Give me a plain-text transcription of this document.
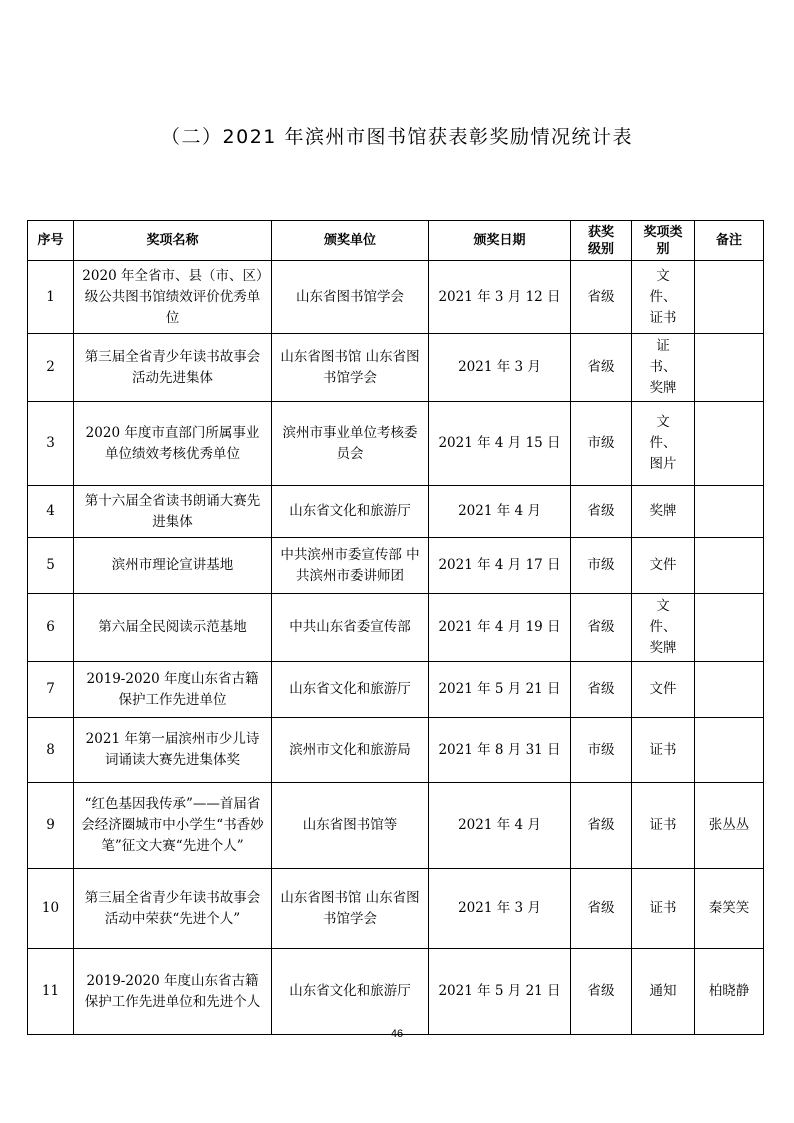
（二）2021 年滨州市图书馆获表彰奖励情况统计表
序号	奖项名称	颁奖单位	颁奖日期	获奖级别	奖项类别	备注
1	2020 年全省市、县（市、区）级公共图书馆绩效评价优秀单位	山东省图书馆学会	2021 年 3 月 12 日	省级	文件、证书	
2	第三届全省青少年读书故事会活动先进集体	山东省图书馆 山东省图书馆学会	2021 年 3 月	省级	证书、奖牌	
3	2020 年度市直部门所属事业单位绩效考核优秀单位	滨州市事业单位考核委员会	2021 年 4 月 15 日	市级	文件、图片	
4	第十六届全省读书朗诵大赛先进集体	山东省文化和旅游厅	2021 年 4 月	省级	奖牌	
5	滨州市理论宣讲基地	中共滨州市委宣传部 中共滨州市委讲师团	2021 年 4 月 17 日	市级	文件	
6	第六届全民阅读示范基地	中共山东省委宣传部	2021 年 4 月 19 日	省级	文件、奖牌	
7	2019-2020 年度山东省古籍保护工作先进单位	山东省文化和旅游厅	2021 年 5 月 21 日	省级	文件	
8	2021 年第一届滨州市少儿诗词诵读大赛先进集体奖	滨州市文化和旅游局	2021 年 8 月 31 日	市级	证书	
9	“红色基因我传承”——首届省会经济圈城市中小学生“书香妙笔”征文大赛“先进个人”	山东省图书馆等	2021 年 4 月	省级	证书	张丛丛
10	第三届全省青少年读书故事会活动中荣获“先进个人”	山东省图书馆 山东省图书馆学会	2021 年 3 月	省级	证书	秦笑笑
11	2019-2020 年度山东省古籍保护工作先进单位和先进个人	山东省文化和旅游厅	2021 年 5 月 21 日	省级	通知	柏晓静
46
